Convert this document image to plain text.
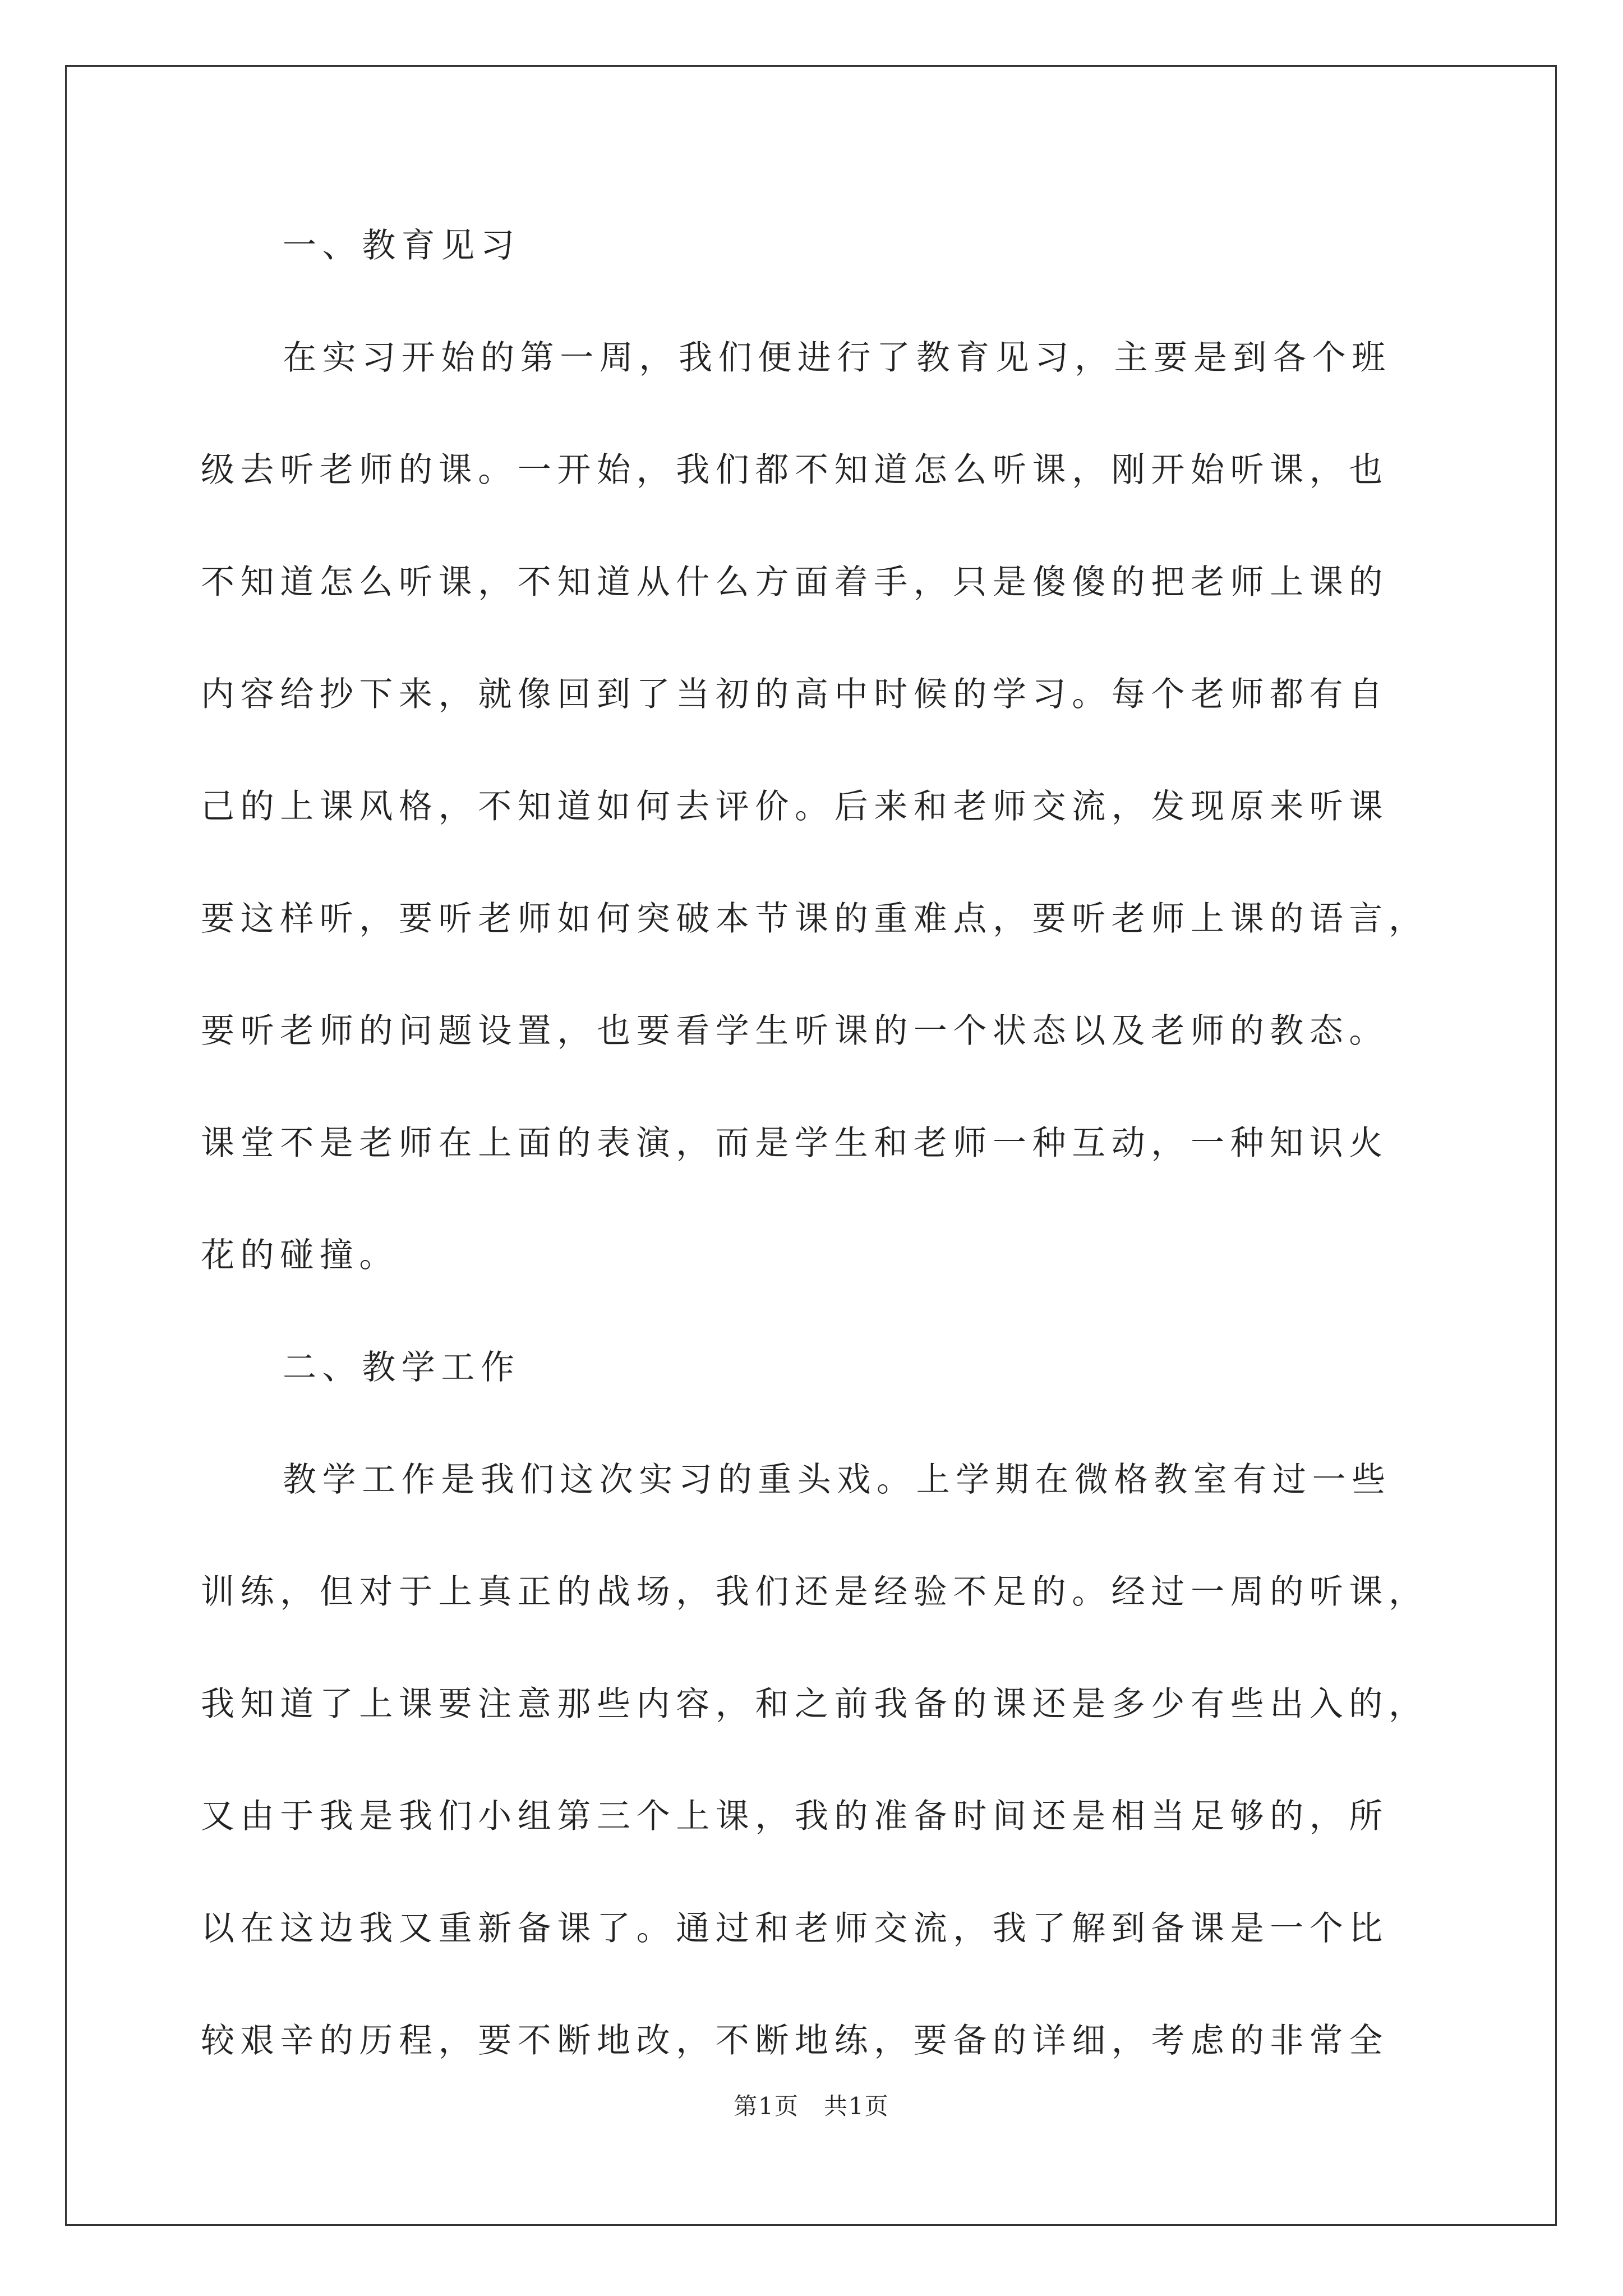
一、教育见习
在实习开始的第一周，我们便进行了教育见习，主要是到各个班
级去听老师的课。一开始，我们都不知道怎么听课，刚开始听课，也
不知道怎么听课，不知道从什么方面着手，只是傻傻的把老师上课的
内容给抄下来，就像回到了当初的高中时候的学习。每个老师都有自
己的上课风格，不知道如何去评价。后来和老师交流，发现原来听课
要这样听，要听老师如何突破本节课的重难点，要听老师上课的语言，
要听老师的问题设置，也要看学生听课的一个状态以及老师的教态。
课堂不是老师在上面的表演，而是学生和老师一种互动，一种知识火
花的碰撞。
二、教学工作
教学工作是我们这次实习的重头戏。上学期在微格教室有过一些
训练，但对于上真正的战场，我们还是经验不足的。经过一周的听课，
我知道了上课要注意那些内容，和之前我备的课还是多少有些出入的，
又由于我是我们小组第三个上课，我的准备时间还是相当足够的，所
以在这边我又重新备课了。通过和老师交流，我了解到备课是一个比
较艰辛的历程，要不断地改，不断地练，要备的详细，考虑的非常全
第1页　共1页
